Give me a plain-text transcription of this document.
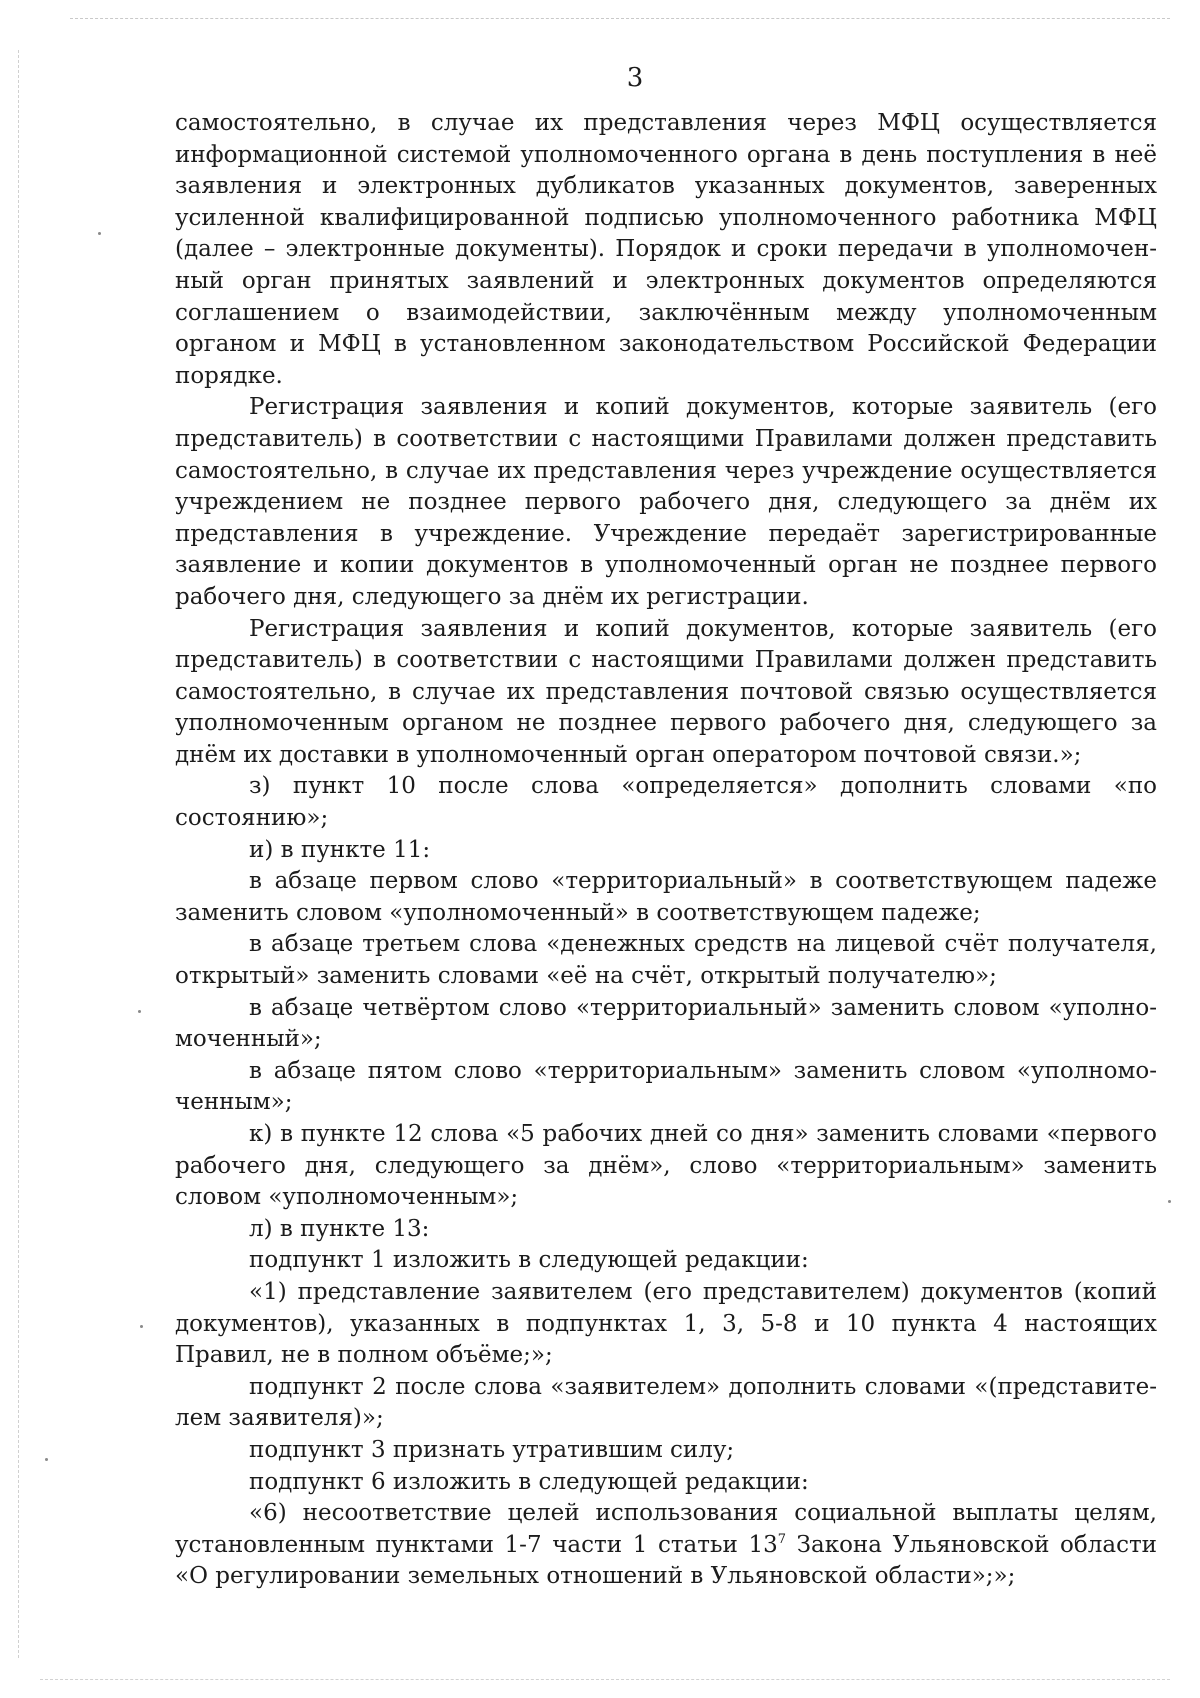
3

самостоятельно, в случае их представления через МФЦ осуществляется информационной системой уполномоченного органа в день поступления в неё заявления и электронных дубликатов указанных документов, заверенных усиленной квалифицированной подписью уполномоченного работника МФЦ (далее – электронные документы). Порядок и сроки передачи в уполномоченный орган принятых заявлений и электронных документов определяются соглашением о взаимодействии, заключённым между уполномоченным органом и МФЦ в установленном законодательством Российской Федерации порядке.

Регистрация заявления и копий документов, которые заявитель (его представитель) в соответствии с настоящими Правилами должен представить самостоятельно, в случае их представления через учреждение осуществляется учреждением не позднее первого рабочего дня, следующего за днём их представления в учреждение. Учреждение передаёт зарегистрированные заявление и копии документов в уполномоченный орган не позднее первого рабочего дня, следующего за днём их регистрации.

Регистрация заявления и копий документов, которые заявитель (его представитель) в соответствии с настоящими Правилами должен представить самостоятельно, в случае их представления почтовой связью осуществляется уполномоченным органом не позднее первого рабочего дня, следующего за днём их доставки в уполномоченный орган оператором почтовой связи.»;

з) пункт 10 после слова «определяется» дополнить словами «по состоянию»;

и) в пункте 11:

в абзаце первом слово «территориальный» в соответствующем падеже заменить словом «уполномоченный» в соответствующем падеже;

в абзаце третьем слова «денежных средств на лицевой счёт получателя, открытый» заменить словами «её на счёт, открытый получателю»;

в абзаце четвёртом слово «территориальный» заменить словом «уполномоченный»;

в абзаце пятом слово «территориальным» заменить словом «уполномоченным»;

к) в пункте 12 слова «5 рабочих дней со дня» заменить словами «первого рабочего дня, следующего за днём», слово «территориальным» заменить словом «уполномоченным»;

л) в пункте 13:

подпункт 1 изложить в следующей редакции:

«1) представление заявителем (его представителем) документов (копий документов), указанных в подпунктах 1, 3, 5-8 и 10 пункта 4 настоящих Правил, не в полном объёме;»;

подпункт 2 после слова «заявителем» дополнить словами «(представителем заявителя)»;

подпункт 3 признать утратившим силу;

подпункт 6 изложить в следующей редакции:

«6) несоответствие целей использования социальной выплаты целям, установленным пунктами 1-7 части 1 статьи $13^7$ Закона Ульяновской области «О регулировании земельных отношений в Ульяновской области»;»;
